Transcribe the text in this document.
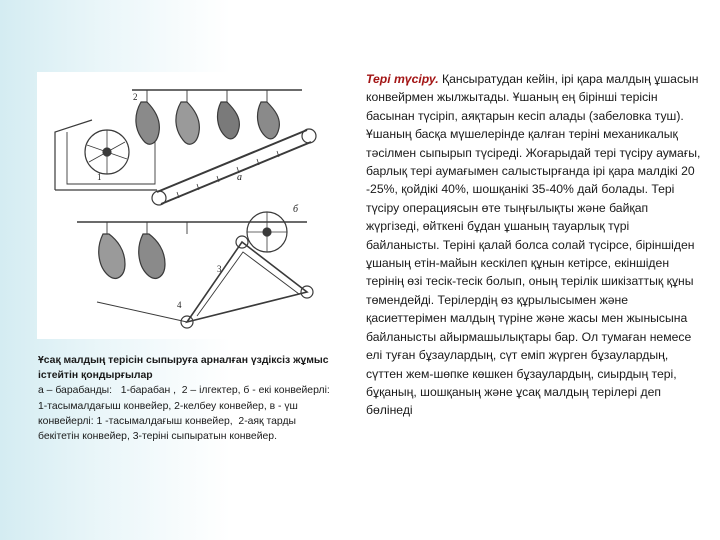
а
б
1
2
3
4
Ұсақ малдың терісін сыпыруға арналған үздіксіз жұмыс істейтін қондырғылар
а – барабанды:   1-барабан ,  2 – ілгектер, б - екі конвейерлі: 1-тасымалдағыш конвейер, 2-келбеу конвейер, в - үш конвейерлі: 1 -тасымалдағыш конвейер,  2-аяқ тарды бекітетін конвейер, 3-теріні сыпыратын конвейер.
Тері түсіру. Қансыратудан кейін, ірі қара малдың ұшасын конвейрмен жылжытады. Ұшаның ең бірінші терісін басынан түсіріп, аяқтарын кесіп алады (забеловка туш). Ұшаның басқа мүшелерінде қалған теріні механикалық тәсілмен сыпырып түсіреді. Жоғарыдай тері түсіру аумағы, барлық тері аумағымен салыстырғанда ірі қара малдікі 20 -25%, қойдікі 40%, шошқанікі 35-40% дай болады. Тері түсіру операциясын өте тыңғылықты және байқап жүргізеді, өйткені бұдан ұшаның тауарлық түрі байланысты. Теріні қалай болса солай түсірсе, біріншіден ұшаның етін-майын кескілеп құнын кетірсе, екіншіден терінің өзі тесік-тесік болып, оның терілік шикізаттық құны төмендейді. Терілердің өз құрылысымен және қасиеттерімен малдың түріне және жасы мен жынысына байланысты айырмашылықтары бар. Ол тумаған немесе елі туған бұзаулардың, сүт еміп жүрген бұзаулардың, сүттен жем-шөпке көшкен бұзаулардың, сиырдың тері, бұқаның, шошқаның және ұсақ малдың терілері деп бөлінеді
